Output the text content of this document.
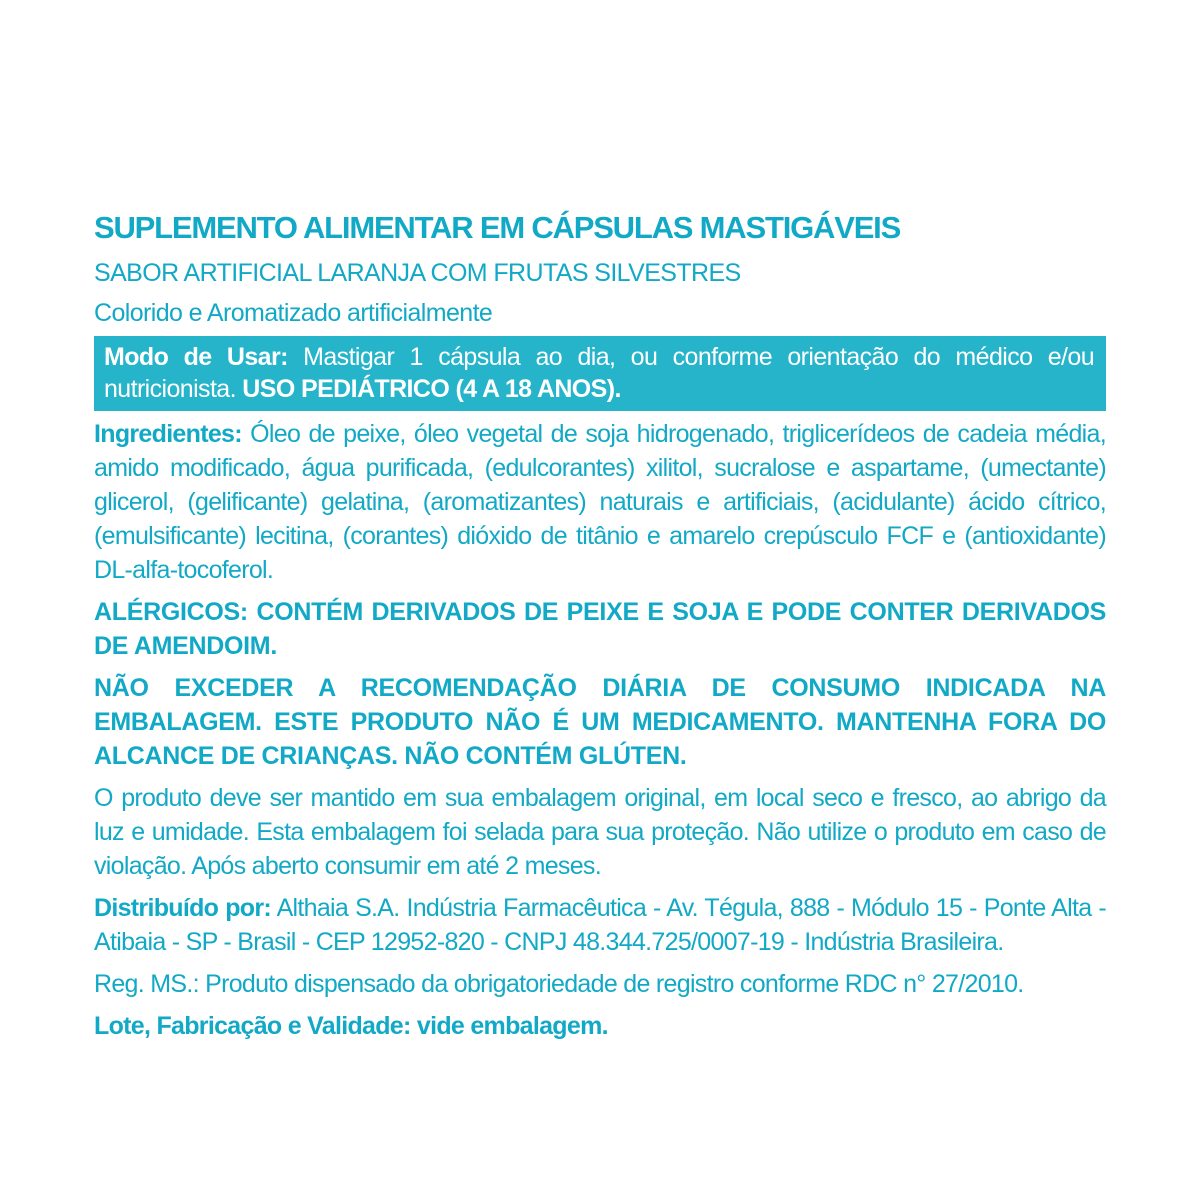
SUPLEMENTO ALIMENTAR EM CÁPSULAS MASTIGÁVEIS

SABOR ARTIFICIAL LARANJA COM FRUTAS SILVESTRES

Colorido e Aromatizado artificialmente

Modo de Usar: Mastigar 1 cápsula ao dia, ou conforme orientação do médico e/ou nutricionista. USO PEDIÁTRICO (4 A 18 ANOS).

Ingredientes: Óleo de peixe, óleo vegetal de soja hidrogenado, triglicerídeos de cadeia média, amido modificado, água purificada, (edulcorantes) xilitol, sucralose e aspartame, (umectante) glicerol, (gelificante) gelatina, (aromatizantes) naturais e artificiais, (acidulante) ácido cítrico, (emulsificante) lecitina, (corantes) dióxido de titânio e amarelo crepúsculo FCF e (antioxidante) DL-alfa-tocoferol.

ALÉRGICOS: CONTÉM DERIVADOS DE PEIXE E SOJA E PODE CONTER DERIVADOS DE AMENDOIM.

NÃO EXCEDER A RECOMENDAÇÃO DIÁRIA DE CONSUMO INDICADA NA EMBALAGEM. ESTE PRODUTO NÃO É UM MEDICAMENTO. MANTENHA FORA DO ALCANCE DE CRIANÇAS. NÃO CONTÉM GLÚTEN.

O produto deve ser mantido em sua embalagem original, em local seco e fresco, ao abrigo da luz e umidade. Esta embalagem foi selada para sua proteção. Não utilize o produto em caso de violação. Após aberto consumir em até 2 meses.

Distribuído por: Althaia S.A. Indústria Farmacêutica - Av. Tégula, 888 - Módulo 15 - Ponte Alta - Atibaia - SP - Brasil - CEP 12952-820 - CNPJ 48.344.725/0007-19 - Indústria Brasileira.

Reg. MS.: Produto dispensado da obrigatoriedade de registro conforme RDC n° 27/2010.

Lote, Fabricação e Validade: vide embalagem.
